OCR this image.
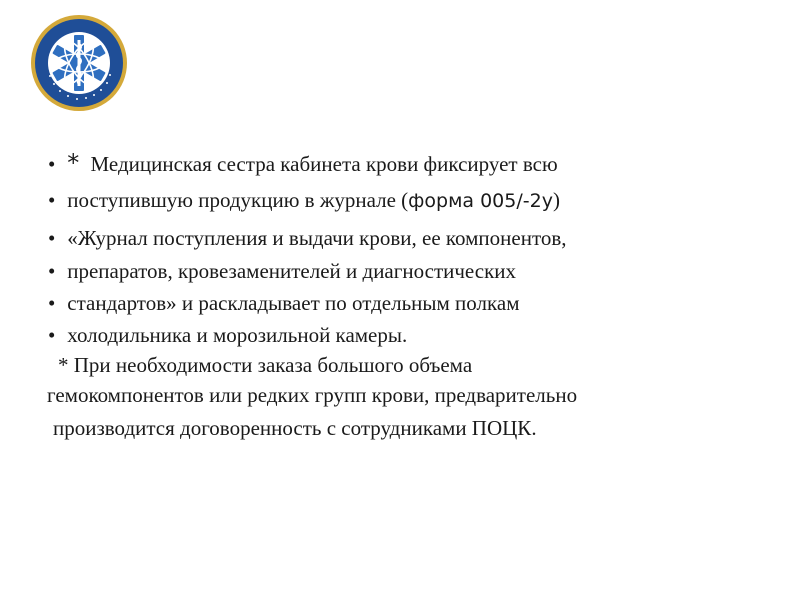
• * Медицинская сестра кабинета крови фиксирует всю
• поступившую продукцию в журнале (форма 005/-2у)
• «Журнал поступления и выдачи крови, ее компонентов,
• препаратов, кровезаменителей и диагностических
• стандартов» и раскладывает по отдельным полкам
• холодильника и морозильной камеры.
* При необходимости заказа большого объема
гемокомпонентов или редких групп крови, предварительно
производится договоренность с сотрудниками ПОЦК.
